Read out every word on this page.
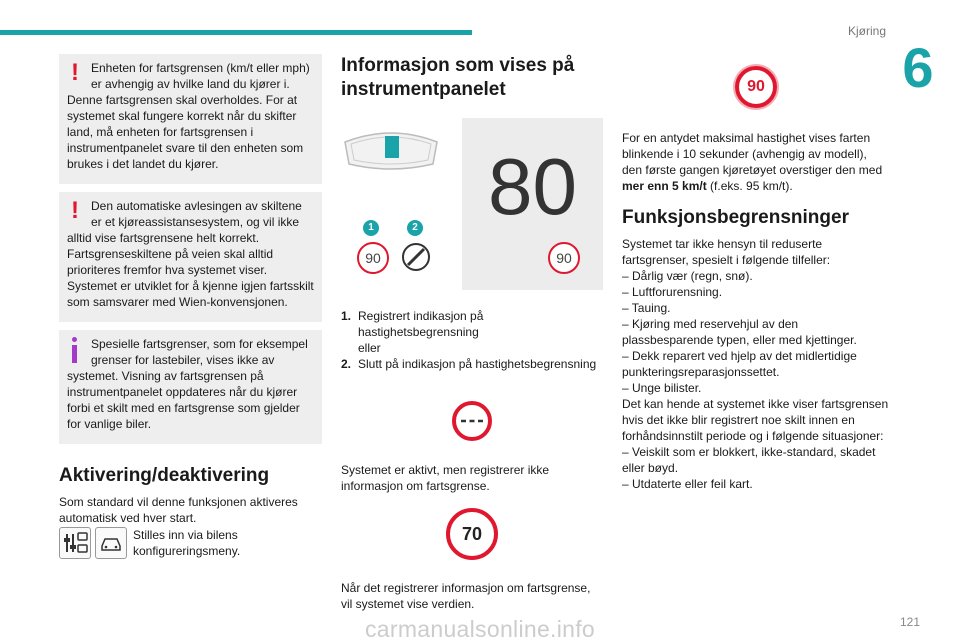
Kjøring
6
!	Enheten for fartsgrensen (km/t eller mph) er avhengig av hvilke land du kjører i.
Denne fartsgrensen skal overholdes. For at systemet skal fungere korrekt når du skifter land, må enheten for fartsgrensen i instrumentpanelet svare til den enheten som brukes i det landet du kjører.
!	Den automatiske avlesingen av skiltene er et kjøreassistansesystem, og vil ikke
alltid vise fartsgrensene helt korrekt. Fartsgrenseskiltene på veien skal alltid prioriteres fremfor hva systemet viser. Systemet er utviklet for å kjenne igjen fartsskilt som samsvarer med Wien-konvensjonen.
Spesielle fartsgrenser, som for eksempel grenser for lastebiler, vises ikke av
systemet. Visning av fartsgrensen på instrumentpanelet oppdateres når du kjører forbi et skilt med en fartsgrense som gjelder for vanlige biler.
Aktivering/deaktivering

Som standard vil denne funksjonen aktiveres automatisk ved hver start.

Stilles inn via bilens konfigureringsmeny.
Informasjon som vises på instrumentpanelet
1	2
90
80
90
1. Registrert indikasjon på hastighetsbegrensning
eller
2. Slutt på indikasjon på hastighetsbegrensning

Systemet er aktivt, men registrerer ikke informasjon om fartsgrense.

70

Når det registrerer informasjon om fartsgrense, vil systemet vise verdien.

90

For en antydet maksimal hastighet vises farten blinkende i 10 sekunder (avhengig av modell), den første gangen kjøretøyet overstiger den med mer enn 5 km/t (f.eks. 95 km/t).

Funksjonsbegrensninger
Systemet tar ikke hensyn til reduserte fartsgrenser, spesielt i følgende tilfeller:
– Dårlig vær (regn, snø).
– Luftforurensning.
– Tauing.
– Kjøring med reservehjul av den plassbesparende typen, eller med kjettinger.
– Dekk reparert ved hjelp av det midlertidige punkteringsreparasjonssettet.
– Unge bilister.
Det kan hende at systemet ikke viser fartsgrensen hvis det ikke blir registrert noe skilt innen en forhåndsinnstilt periode og i følgende situasjoner:
– Veiskilt som er blokkert, ikke-standard, skadet eller bøyd.
– Utdaterte eller feil kart.
121
carmanualsonline.info
